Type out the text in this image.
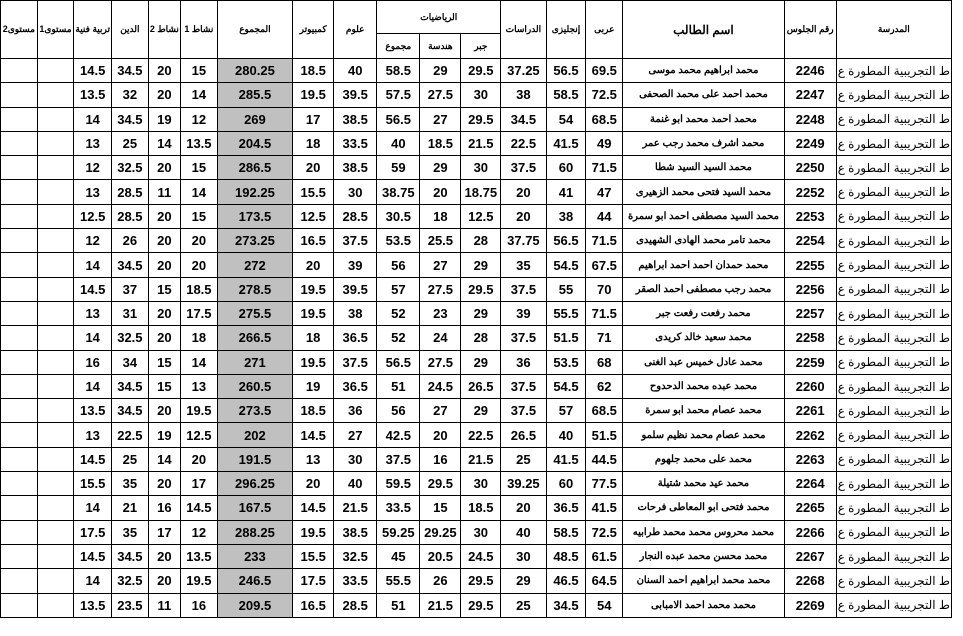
مستوى2	مستوى1	تربية فنية	الدين	نشاط 2	نشاط 1	المجموع	كمبيوتر	علوم	الرياضيات			الدراسات	إنجليزى	عربى	اسم الطالب	رقم الجلوس	المدرسة
									مجموع	هندسة	جبر						
		14.5	34.5	20	15	280.25	18.5	40	58.5	29	29.5	37.25	56.5	69.5	محمد ابراهيم محمد موسى	2246	ط التجريبية المطورة ع
		13.5	32	20	14	285.5	19.5	39.5	57.5	27.5	30	38	58.5	72.5	محمد احمد على محمد الصحفى	2247	ط التجريبية المطورة ع
		14	34.5	19	12	269	17	38.5	56.5	27	29.5	34.5	54	68.5	محمد احمد محمد ابو غنمة	2248	ط التجريبية المطورة ع
		13	25	14	13.5	204.5	18	33.5	40	18.5	21.5	22.5	41.5	49	محمد اشرف محمد رجب عمر	2249	ط التجريبية المطورة ع
		12	32.5	20	15	286.5	20	38.5	59	29	30	37.5	60	71.5	محمد السيد السيد شطا	2250	ط التجريبية المطورة ع
		13	28.5	11	14	192.25	15.5	30	38.75	20	18.75	20	41	47	محمد السيد فتحى محمد الزهيرى	2252	ط التجريبية المطورة ع
		12.5	28.5	20	15	173.5	12.5	28.5	30.5	18	12.5	20	38	44	محمد السيد مصطفى احمد ابو سمرة	2253	ط التجريبية المطورة ع
		12	26	20	20	273.25	16.5	37.5	53.5	25.5	28	37.75	56.5	71.5	محمد تامر محمد الهادى الشهيدى	2254	ط التجريبية المطورة ع
		14	34.5	20	20	272	20	39	56	27	29	35	54.5	67.5	محمد حمدان احمد احمد ابراهيم	2255	ط التجريبية المطورة ع
		14.5	37	15	18.5	278.5	19.5	39.5	57	27.5	29.5	37.5	55	70	محمد رجب مصطفى احمد الصقر	2256	ط التجريبية المطورة ع
		13	31	20	17.5	275.5	19.5	38	52	23	29	39	55.5	71.5	محمد رفعت رفعت جبر	2257	ط التجريبية المطورة ع
		14	32.5	20	18	266.5	18	36.5	52	24	28	37.5	51.5	71	محمد سعيد خالد كريدى	2258	ط التجريبية المطورة ع
		16	34	15	14	271	19.5	37.5	56.5	27.5	29	36	53.5	68	محمد عادل خميس عبد الغنى	2259	ط التجريبية المطورة ع
		14	34.5	15	13	260.5	19	36.5	51	24.5	26.5	37.5	54.5	62	محمد عبده محمد الدحدوح	2260	ط التجريبية المطورة ع
		13.5	34.5	20	19.5	273.5	18.5	36	56	27	29	37.5	57	68.5	محمد عصام محمد ابو سمرة	2261	ط التجريبية المطورة ع
		13	22.5	19	12.5	202	14.5	27	42.5	20	22.5	26.5	40	51.5	محمد عصام محمد نظيم سلمو	2262	ط التجريبية المطورة ع
		14.5	25	14	20	191.5	13	30	37.5	16	21.5	25	41.5	44.5	محمد على محمد جلهوم	2263	ط التجريبية المطورة ع
		15.5	35	20	17	296.25	20	40	59.5	29.5	30	39.25	60	77.5	محمد عيد محمد شتيلة	2264	ط التجريبية المطورة ع
		14	21	16	14.5	167.5	14.5	21.5	33.5	15	18.5	20	36.5	41.5	محمد فتحى ابو المعاطى فرحات	2265	ط التجريبية المطورة ع
		17.5	35	17	12	288.25	19.5	38.5	59.25	29.25	30	40	58.5	72.5	محمد محروس محمد محمد طرابيه	2266	ط التجريبية المطورة ع
		14.5	34.5	20	13.5	233	15.5	32.5	45	20.5	24.5	30	48.5	61.5	محمد محسن محمد عبده النجار	2267	ط التجريبية المطورة ع
		14	32.5	20	19.5	246.5	17.5	33.5	55.5	26	29.5	29	46.5	64.5	محمد محمد ابراهيم احمد السنان	2268	ط التجريبية المطورة ع
		13.5	23.5	11	16	209.5	16.5	28.5	51	21.5	29.5	25	34.5	54	محمد محمد احمد الامبابى	2269	ط التجريبية المطورة ع
